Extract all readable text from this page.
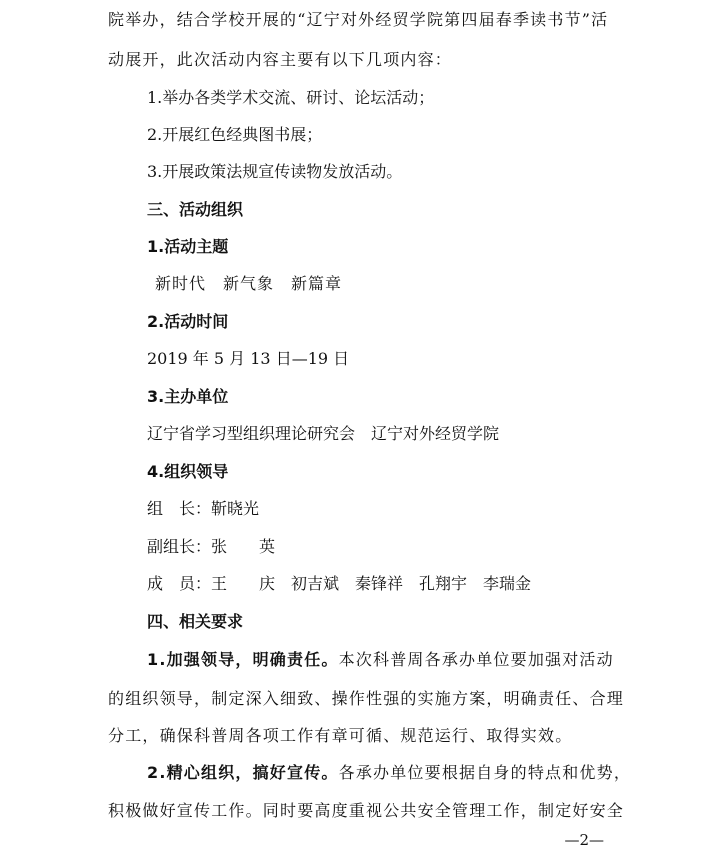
院举办，结合学校开展的“辽宁对外经贸学院第四届春季读书节”活
动展开，此次活动内容主要有以下几项内容：
1.举办各类学术交流、研讨、论坛活动；
2.开展红色经典图书展；
3.开展政策法规宣传读物发放活动。
三、活动组织
1.活动主题
新时代　新气象　新篇章
2.活动时间
2019 年 5 月 13 日—19 日
3.主办单位
辽宁省学习型组织理论研究会　辽宁对外经贸学院
4.组织领导
组　长：靳晓光
副组长：张　　英
成　员：王　　庆　初吉斌　秦锋祥　孔翔宇　李瑞金
四、相关要求
1.加强领导，明确责任。本次科普周各承办单位要加强对活动
的组织领导，制定深入细致、操作性强的实施方案，明确责任、合理
分工，确保科普周各项工作有章可循、规范运行、取得实效。
2.精心组织，搞好宣传。各承办单位要根据自身的特点和优势，
积极做好宣传工作。同时要高度重视公共安全管理工作，制定好安全
—2—
